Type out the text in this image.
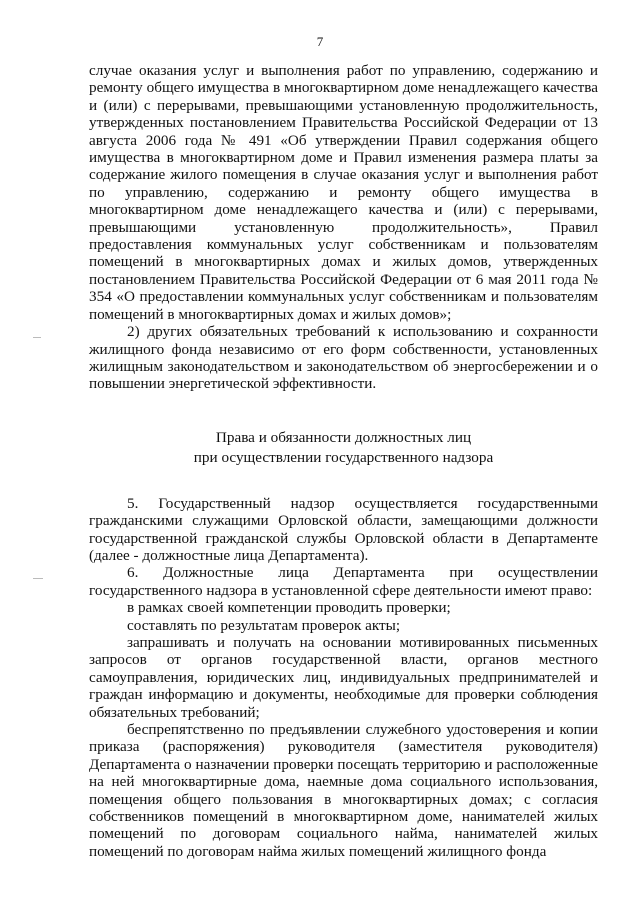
7

случае оказания услуг и выполнения работ по управлению, содержанию и ремонту общего имущества в многоквартирном доме ненадлежащего качества и (или) с перерывами, превышающими установленную продолжительность, утвержденных постановлением Правительства Российской Федерации от 13 августа 2006 года № 491 «Об утверждении Правил содержания общего имущества в многоквартирном доме и Правил изменения размера платы за содержание жилого помещения в случае оказания услуг и выполнения работ по управлению, содержанию и ремонту общего имущества в многоквартирном доме ненадлежащего качества и (или) с перерывами, превышающими установленную продолжительность», Правил предоставления коммунальных услуг собственникам и пользователям помещений в многоквартирных домах и жилых домов, утвержденных постановлением Правительства Российской Федерации от 6 мая 2011 года № 354 «О предоставлении коммунальных услуг собственникам и пользователям помещений в многоквартирных домах и жилых домов»;

2) других обязательных требований к использованию и сохранности жилищного фонда независимо от его форм собственности, установленных жилищным законодательством и законодательством об энергосбережении и о повышении энергетической эффективности.

Права и обязанности должностных лиц
при осуществлении государственного надзора

5. Государственный надзор осуществляется государственными гражданскими служащими Орловской области, замещающими должности государственной гражданской службы Орловской области в Департаменте (далее - должностные лица Департамента).

6. Должностные лица Департамента при осуществлении государственного надзора в установленной сфере деятельности имеют право:

в рамках своей компетенции проводить проверки;

составлять по результатам проверок акты;

запрашивать и получать на основании мотивированных письменных запросов от органов государственной власти, органов местного самоуправления, юридических лиц, индивидуальных предпринимателей и граждан информацию и документы, необходимые для проверки соблюдения обязательных требований;

беспрепятственно по предъявлении служебного удостоверения и копии приказа (распоряжения) руководителя (заместителя руководителя) Департамента о назначении проверки посещать территорию и расположенные на ней многоквартирные дома, наемные дома социального использования, помещения общего пользования в многоквартирных домах; с согласия собственников помещений в многоквартирном доме, нанимателей жилых помещений по договорам социального найма, нанимателей жилых помещений по договорам найма жилых помещений жилищного фонда
